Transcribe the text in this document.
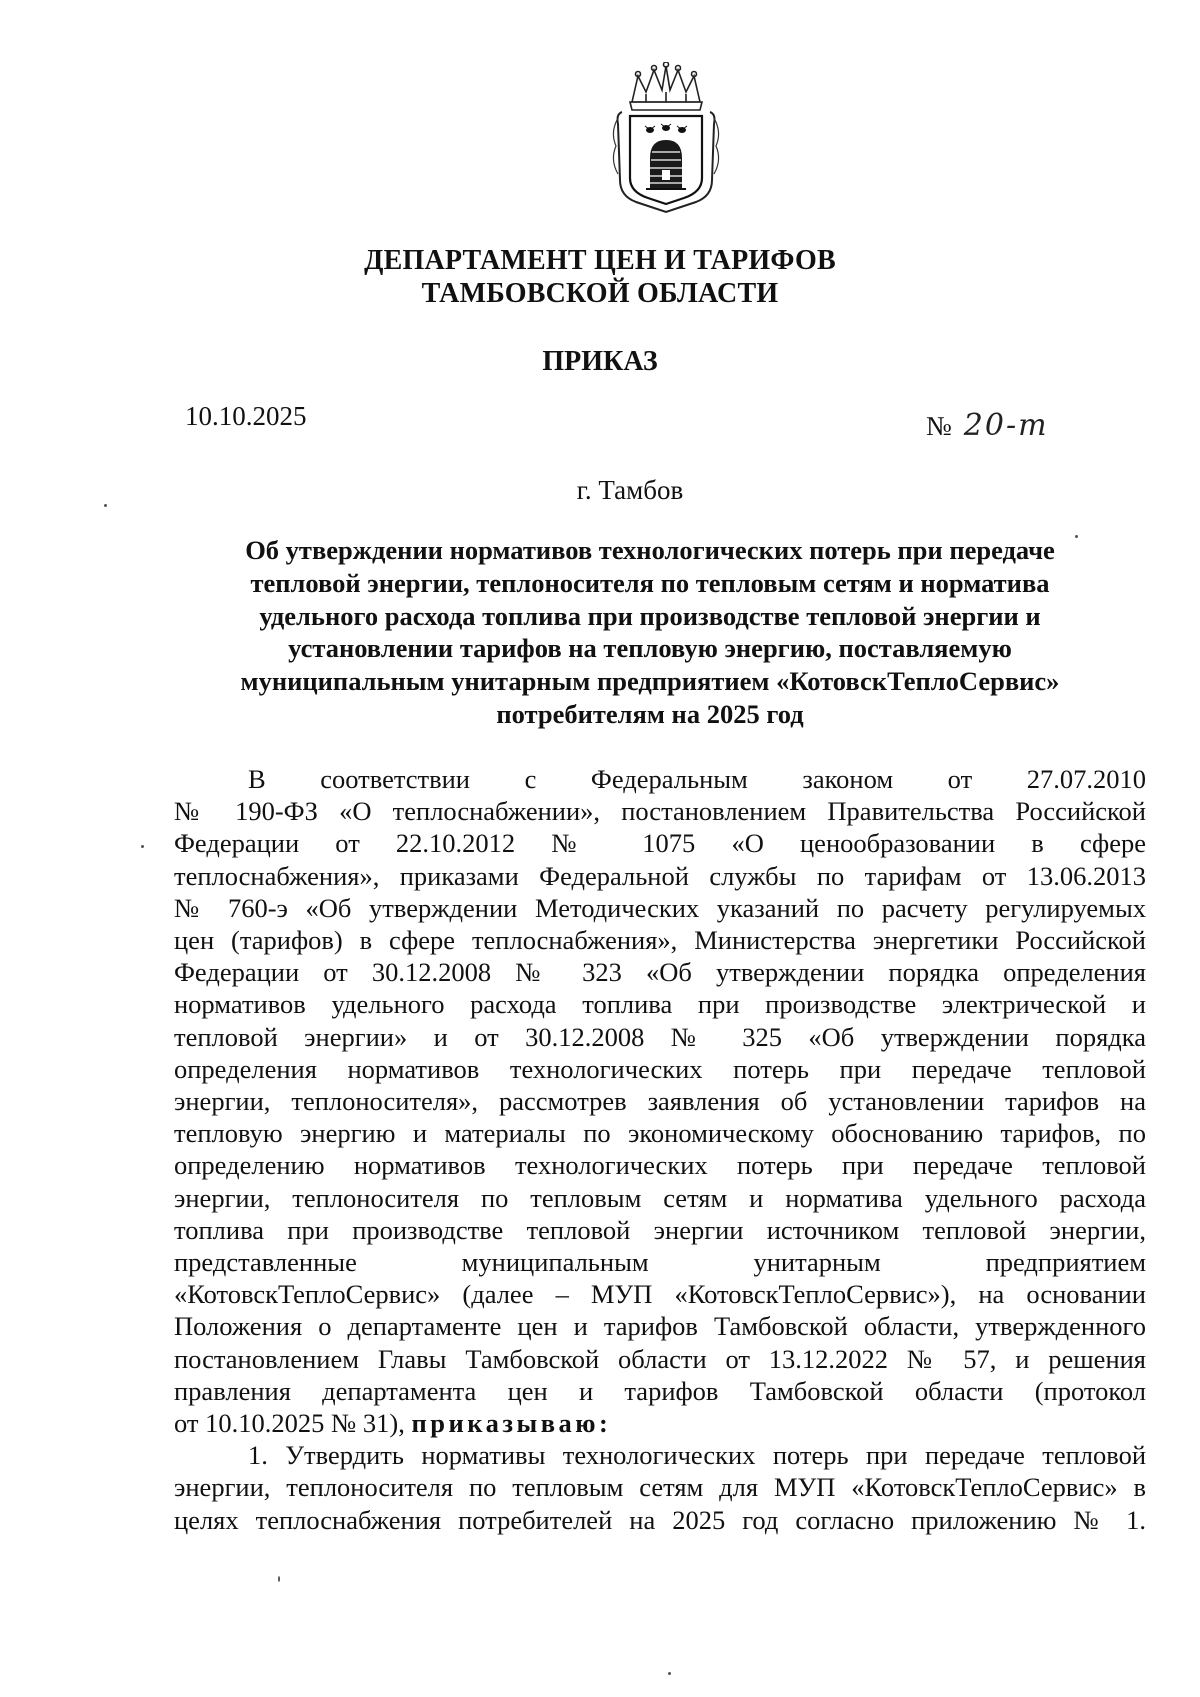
ДЕПАРТАМЕНТ ЦЕН И ТАРИФОВ
ТАМБОВСКОЙ ОБЛАСТИ
ПРИКАЗ
10.10.2025	№ 20-т
г. Тамбов
Об утверждении нормативов технологических потерь при передаче
тепловой энергии, теплоносителя по тепловым сетям и норматива
удельного расхода топлива при производстве тепловой энергии и
установлении тарифов на тепловую энергию, поставляемую
муниципальным унитарным предприятием «КотовскТеплоСервис»
потребителям на 2025 год
В соответствии с Федеральным законом от 27.07.2010
№ 190-ФЗ «О теплоснабжении», постановлением Правительства Российской
Федерации от 22.10.2012 № 1075 «О ценообразовании в сфере
теплоснабжения», приказами Федеральной службы по тарифам от 13.06.2013
№ 760-э «Об утверждении Методических указаний по расчету регулируемых
цен (тарифов) в сфере теплоснабжения», Министерства энергетики Российской
Федерации от 30.12.2008 № 323 «Об утверждении порядка определения
нормативов удельного расхода топлива при производстве электрической и
тепловой энергии» и от 30.12.2008 № 325 «Об утверждении порядка
определения нормативов технологических потерь при передаче тепловой
энергии, теплоносителя», рассмотрев заявления об установлении тарифов на
тепловую энергию и материалы по экономическому обоснованию тарифов, по
определению нормативов технологических потерь при передаче тепловой
энергии, теплоносителя по тепловым сетям и норматива удельного расхода
топлива при производстве тепловой энергии источником тепловой энергии,
представленные муниципальным унитарным предприятием
«КотовскТеплоСервис» (далее – МУП «КотовскТеплоСервис»), на основании
Положения о департаменте цен и тарифов Тамбовской области, утвержденного
постановлением Главы Тамбовской области от 13.12.2022 № 57, и решения
правления департамента цен и тарифов Тамбовской области (протокол
от 10.10.2025 № 31), приказываю:
1. Утвердить нормативы технологических потерь при передаче тепловой
энергии, теплоносителя по тепловым сетям для МУП «КотовскТеплоСервис» в
целях теплоснабжения потребителей на 2025 год согласно приложению № 1.
